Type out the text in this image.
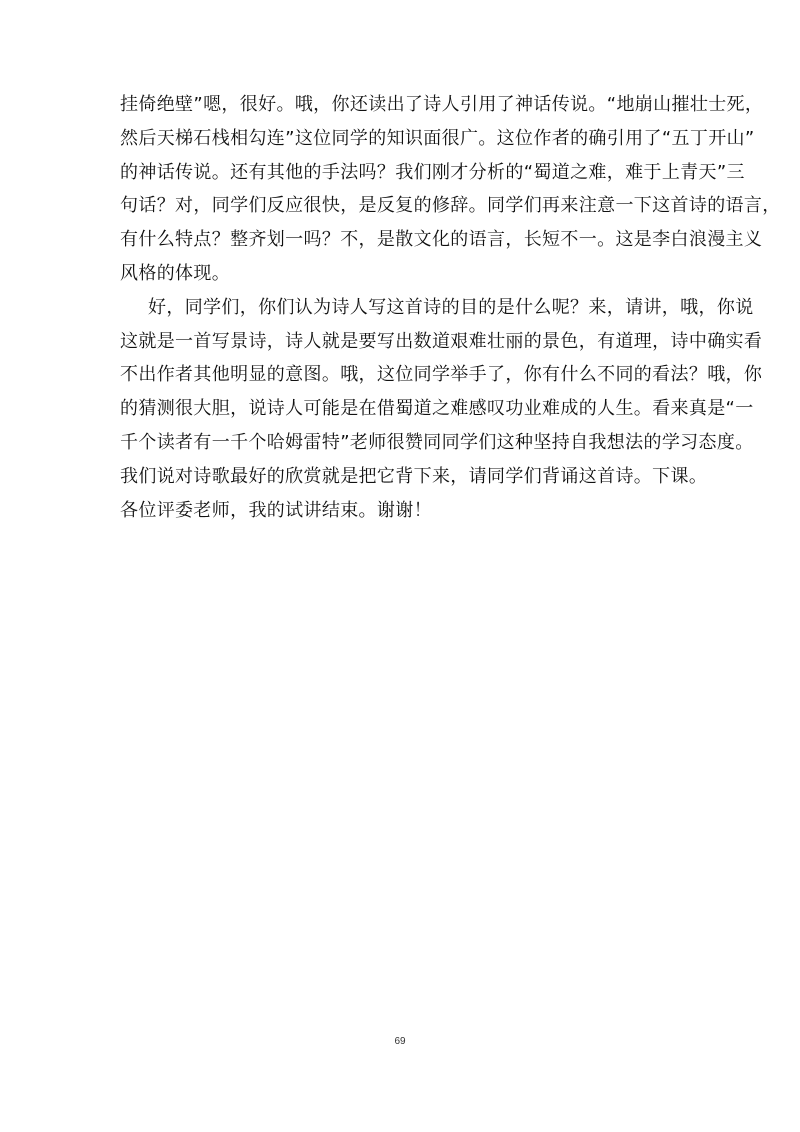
挂倚绝壁”嗯，很好。哦，你还读出了诗人引用了神话传说。“地崩山摧壮士死，
然后天梯石栈相勾连”这位同学的知识面很广。这位作者的确引用了“五丁开山”
的神话传说。还有其他的手法吗？我们刚才分析的“蜀道之难，难于上青天”三
句话？对，同学们反应很快，是反复的修辞。同学们再来注意一下这首诗的语言，
有什么特点？整齐划一吗？不，是散文化的语言，长短不一。这是李白浪漫主义
风格的体现。
好，同学们，你们认为诗人写这首诗的目的是什么呢？来，请讲，哦，你说
这就是一首写景诗，诗人就是要写出数道艰难壮丽的景色，有道理，诗中确实看
不出作者其他明显的意图。哦，这位同学举手了，你有什么不同的看法？哦，你
的猜测很大胆，说诗人可能是在借蜀道之难感叹功业难成的人生。看来真是“一
千个读者有一千个哈姆雷特”老师很赞同同学们这种坚持自我想法的学习态度。
我们说对诗歌最好的欣赏就是把它背下来，请同学们背诵这首诗。下课。
各位评委老师，我的试讲结束。谢谢！
69
